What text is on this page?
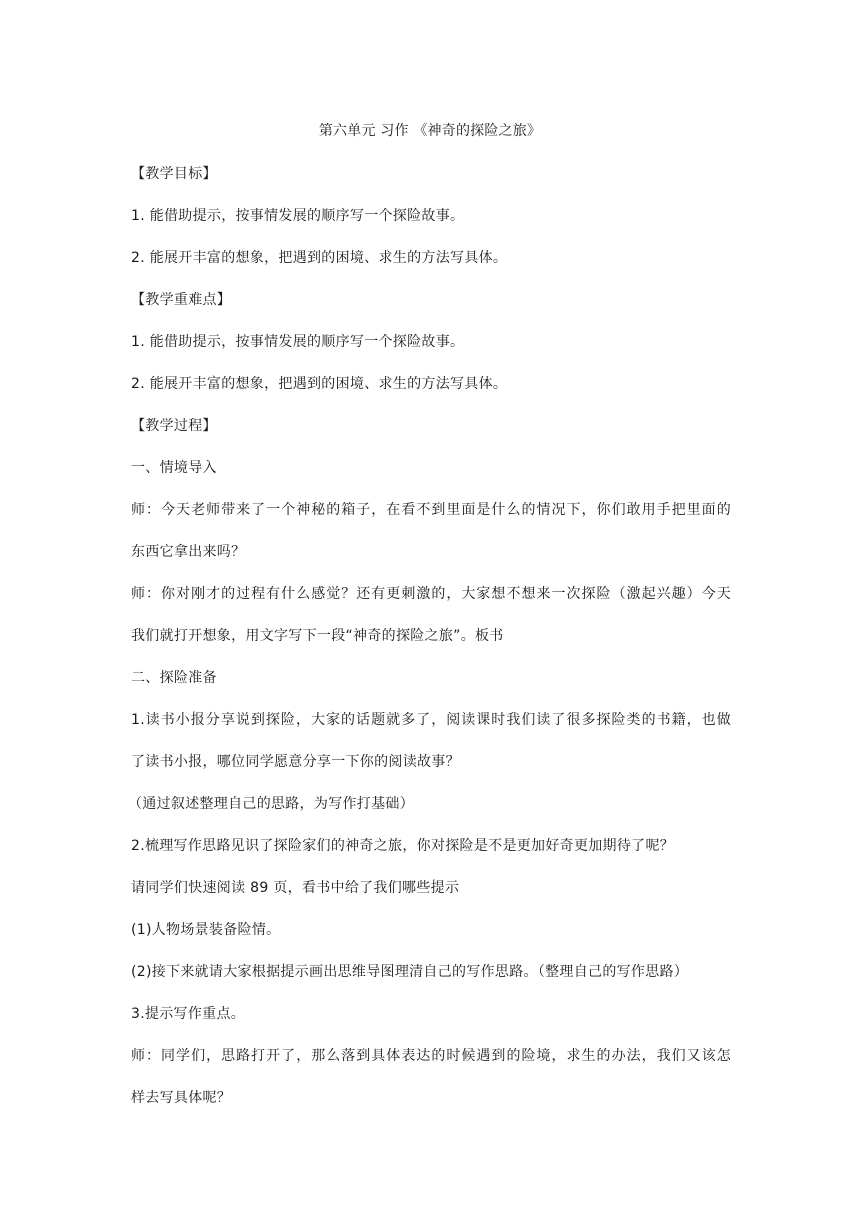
第六单元 习作 《神奇的探险之旅》
【教学目标】
1. 能借助提示，按事情发展的顺序写一个探险故事。
2. 能展开丰富的想象，把遇到的困境、求生的方法写具体。
【教学重难点】
1. 能借助提示，按事情发展的顺序写一个探险故事。
2. 能展开丰富的想象，把遇到的困境、求生的方法写具体。
【教学过程】
一、情境导入
师：今天老师带来了一个神秘的箱子，在看不到里面是什么的情况下，你们敢用手把里面的
东西它拿出来吗？
师：你对刚才的过程有什么感觉？还有更刺激的，大家想不想来一次探险（激起兴趣）今天
我们就打开想象，用文字写下一段“神奇的探险之旅”。板书
二、探险准备
1.读书小报分享说到探险，大家的话题就多了，阅读课时我们读了很多探险类的书籍，也做
了读书小报，哪位同学愿意分享一下你的阅读故事？
（通过叙述整理自己的思路，为写作打基础）
2.梳理写作思路见识了探险家们的神奇之旅，你对探险是不是更加好奇更加期待了呢？
请同学们快速阅读 89 页，看书中给了我们哪些提示
(1)人物场景装备险情。
(2)接下来就请大家根据提示画出思维导图理清自己的写作思路。（整理自己的写作思路）
3.提示写作重点。
师：同学们，思路打开了，那么落到具体表达的时候遇到的险境，求生的办法，我们又该怎
样去写具体呢？
